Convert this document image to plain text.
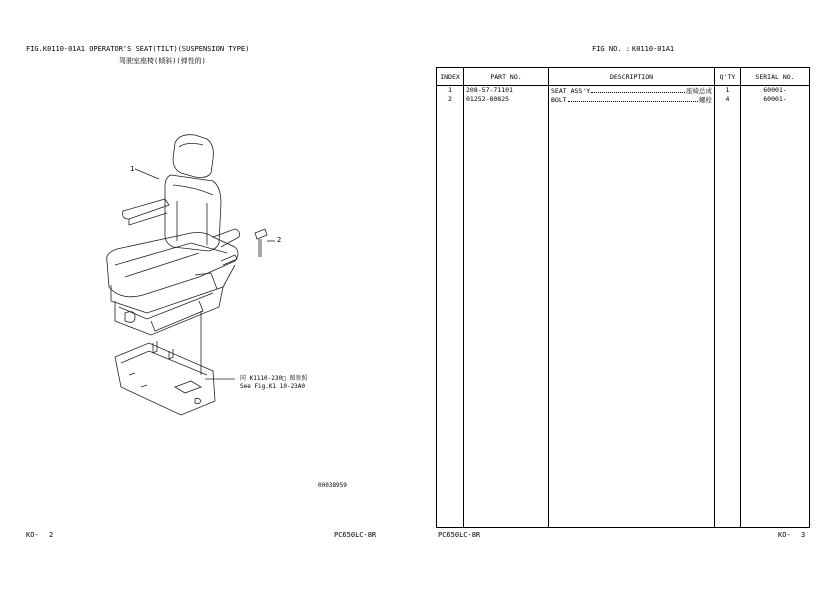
FIG.K0110-01A1 OPERATOR'S SEAT(TILT)(SUSPENSION TYPE)
驾驶室座椅(倾斜)(弹性的)
1
2
同 K1110-230□ 图参照
See Fig.K1 10-23A0
00038959
KO- 2	PC650LC-8R
FIG NO. : K0110-01A1
INDEX	PART NO.	DESCRIPTION	Q'TY	SERIAL NO.
1	208-57-71101	SEAT ASS'Y 座椅总成	1	60001-
2	01252-80825	BOLT 螺栓	4	60001-

PC650LC-8R	KO- 3
